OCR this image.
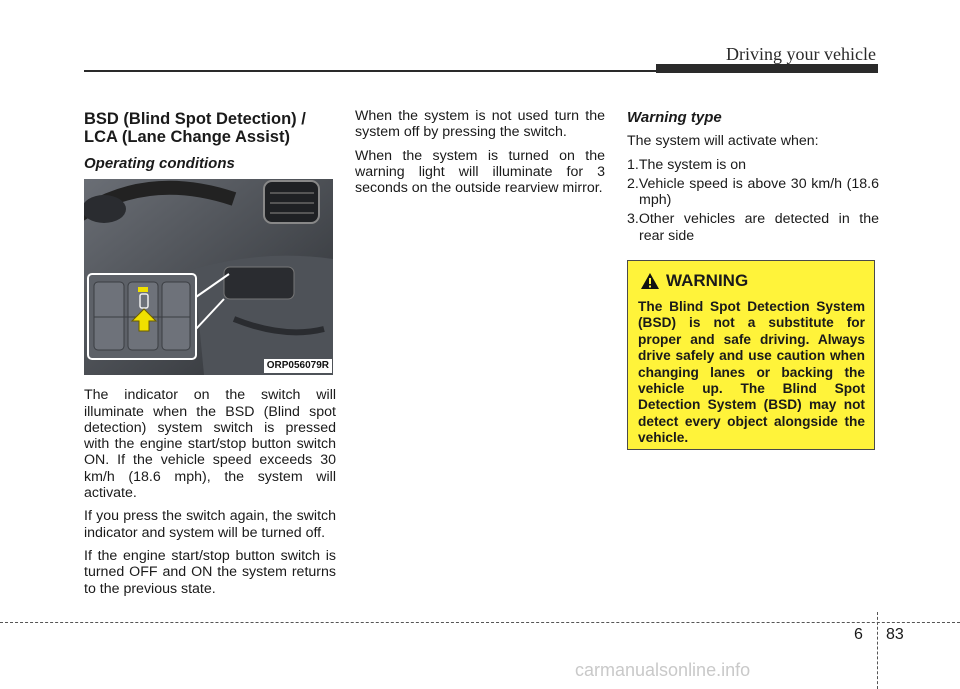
Driving your vehicle
BSD (Blind Spot Detection) /
LCA (Lane Change Assist)
Operating conditions
ORP056079R

The indicator on the switch will illuminate when the BSD (Blind spot detection) system switch is pressed with the engine start/stop button switch ON. If the vehicle speed exceeds 30 km/h (18.6 mph), the system will activate.

If you press the switch again, the switch indicator and system will be turned off.

If the engine start/stop button switch is turned OFF and ON the system returns to the previous state.

When the system is not used turn the system off by pressing the switch.

When the system is turned on the warning light will illuminate for 3 seconds on the outside rearview mirror.

Warning type

The system will activate when:

1.The system is on
2.Vehicle speed is above 30 km/h (18.6 mph)
3.Other vehicles are detected in the rear side
WARNING
The Blind Spot Detection System (BSD) is not a substitute for proper and safe driving. Always drive safely and use caution when changing lanes or backing the vehicle up. The Blind Spot Detection System (BSD) may not detect every object alongside the vehicle.
6 83
carmanualsonline.info
